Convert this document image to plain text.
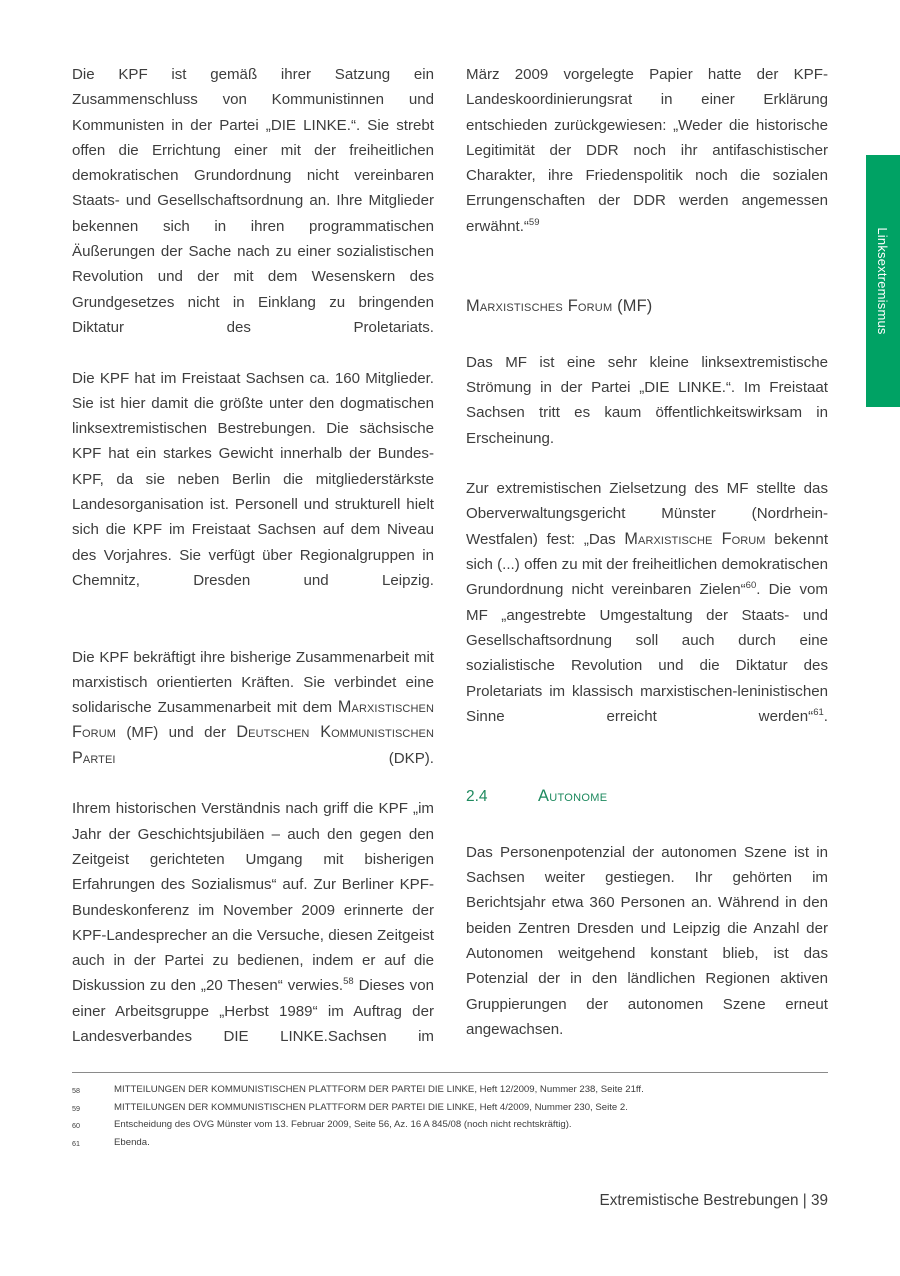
Linksextremismus

Die KPF ist gemäß ihrer Satzung ein Zusammenschluss von Kommunistinnen und Kommunisten in der Partei „DIE LINKE.“. Sie strebt offen die Errichtung einer mit der freiheitlichen demokratischen Grundordnung nicht vereinbaren Staats- und Gesellschaftsordnung an. Ihre Mitglieder bekennen sich in ihren programmatischen Äußerungen der Sache nach zu einer sozialistischen Revolution und der mit dem Wesenskern des Grundgesetzes nicht in Einklang zu bringenden Diktatur des Proletariats.

Die KPF hat im Freistaat Sachsen ca. 160 Mitglieder. Sie ist hier damit die größte unter den dogmatischen linksextremistischen Bestrebungen. Die sächsische KPF hat ein starkes Gewicht innerhalb der Bundes-KPF, da sie neben Berlin die mitgliederstärkste Landesorganisation ist. Personell und strukturell hielt sich die KPF im Freistaat Sachsen auf dem Niveau des Vorjahres. Sie verfügt über Regionalgruppen in Chemnitz, Dresden und Leipzig.

Die KPF bekräftigt ihre bisherige Zusammenarbeit mit marxistisch orientierten Kräften. Sie verbindet eine solidarische Zusammenarbeit mit dem Marxistischen Forum (MF) und der Deutschen Kommunistischen Partei (DKP).

Ihrem historischen Verständnis nach griff die KPF „im Jahr der Geschichtsjubiläen – auch den gegen den Zeitgeist gerichteten Umgang mit bisherigen Erfahrungen des Sozialismus“ auf. Zur Berliner KPF-Bundeskonferenz im November 2009 erinnerte der KPF-Landesprecher an die Versuche, diesen Zeitgeist auch in der Partei zu bedienen, indem er auf die Diskussion zu den „20 Thesen“ verwies.$^{58}$ Dieses von einer Arbeitsgruppe „Herbst 1989“ im Auftrag der Landesverbandes DIE LINKE.Sachsen im

März 2009 vorgelegte Papier hatte der KPF-Landeskoordinierungsrat in einer Erklärung entschieden zurückgewiesen: „Weder die historische Legitimität der DDR noch ihr antifaschistischer Charakter, ihre Friedenspolitik noch die sozialen Errungenschaften der DDR werden angemessen erwähnt.“$^{59}$

Marxistisches Forum (MF)

Das MF ist eine sehr kleine linksextremistische Strömung in der Partei „DIE LINKE.“. Im Freistaat Sachsen tritt es kaum öffentlichkeitswirksam in Erscheinung.

Zur extremistischen Zielsetzung des MF stellte das Oberverwaltungsgericht Münster (Nordrhein-Westfalen) fest: „Das Marxistische Forum bekennt sich (...) offen zu mit der freiheitlichen demokratischen Grundordnung nicht vereinbaren Zielen“$^{60}$. Die vom MF „angestrebte Umgestaltung der Staats- und Gesellschaftsordnung soll auch durch eine sozialistische Revolution und die Diktatur des Proletariats im klassisch marxistischen-leninistischen Sinne erreicht werden“$^{61}$.

2.4	Autonome

Das Personenpotenzial der autonomen Szene ist in Sachsen weiter gestiegen. Ihr gehörten im Berichtsjahr etwa 360 Personen an. Während in den beiden Zentren Dresden und Leipzig die Anzahl der Autonomen weitgehend konstant blieb, ist das Potenzial der in den ländlichen Regionen aktiven Gruppierungen der autonomen Szene erneut angewachsen.

58	MITTEILUNGEN DER KOMMUNISTISCHEN PLATTFORM DER PARTEI DIE LINKE, Heft 12/2009, Nummer 238, Seite 21ff.
59	MITTEILUNGEN DER KOMMUNISTISCHEN PLATTFORM DER PARTEI DIE LINKE, Heft 4/2009, Nummer 230, Seite 2.
60	Entscheidung des OVG Münster vom 13. Februar 2009, Seite 56, Az. 16 A 845/08 (noch nicht rechtskräftig).
61	Ebenda.
Extremistische Bestrebungen | 39
